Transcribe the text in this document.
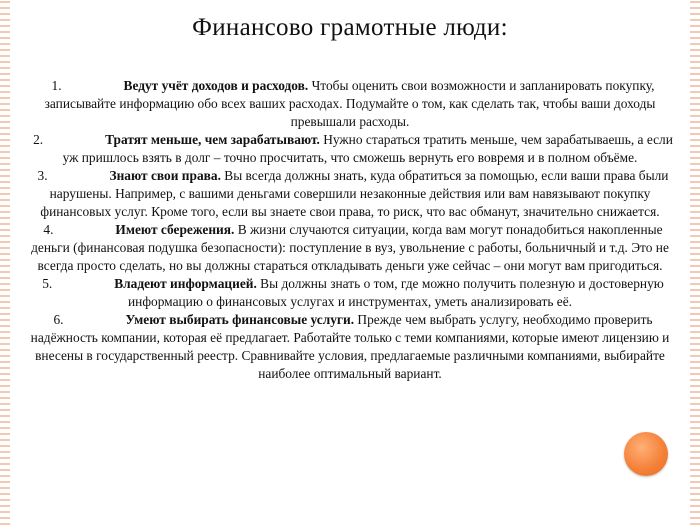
Финансово грамотные люди:

1.	Ведут учёт доходов и расходов. Чтобы оценить свои возможности и запланировать покупку, записывайте информацию обо всех ваших расходах. Подумайте о том, как сделать так, чтобы ваши доходы превышали расходы.

2.	Тратят меньше, чем зарабатывают. Нужно стараться тратить меньше, чем зарабатываешь, а если уж пришлось взять в долг – точно просчитать, что сможешь вернуть его вовремя и в полном объёме.

3.	Знают свои права. Вы всегда должны знать, куда обратиться за помощью, если ваши права были нарушены. Например, с вашими деньгами совершили незаконные действия или вам навязывают покупку финансовых услуг. Кроме того, если вы знаете свои права, то риск, что вас обманут, значительно снижается.

4.	Имеют сбережения. В жизни случаются ситуации, когда вам могут понадобиться накопленные деньги (финансовая подушка безопасности): поступление в вуз, увольнение с работы, больничный и т.д. Это не всегда просто сделать, но вы должны стараться откладывать деньги уже сейчас – они могут вам пригодиться.

5.	Владеют информацией. Вы должны знать о том, где можно получить полезную и достоверную информацию о финансовых услугах и инструментах, уметь анализировать её.

6.	Умеют выбирать финансовые услуги. Прежде чем выбрать услугу, необходимо проверить надёжность компании, которая её предлагает. Работайте только с теми компаниями, которые имеют лицензию и внесены в государственный реестр. Сравнивайте условия, предлагаемые различными компаниями, выбирайте наиболее оптимальный вариант.
